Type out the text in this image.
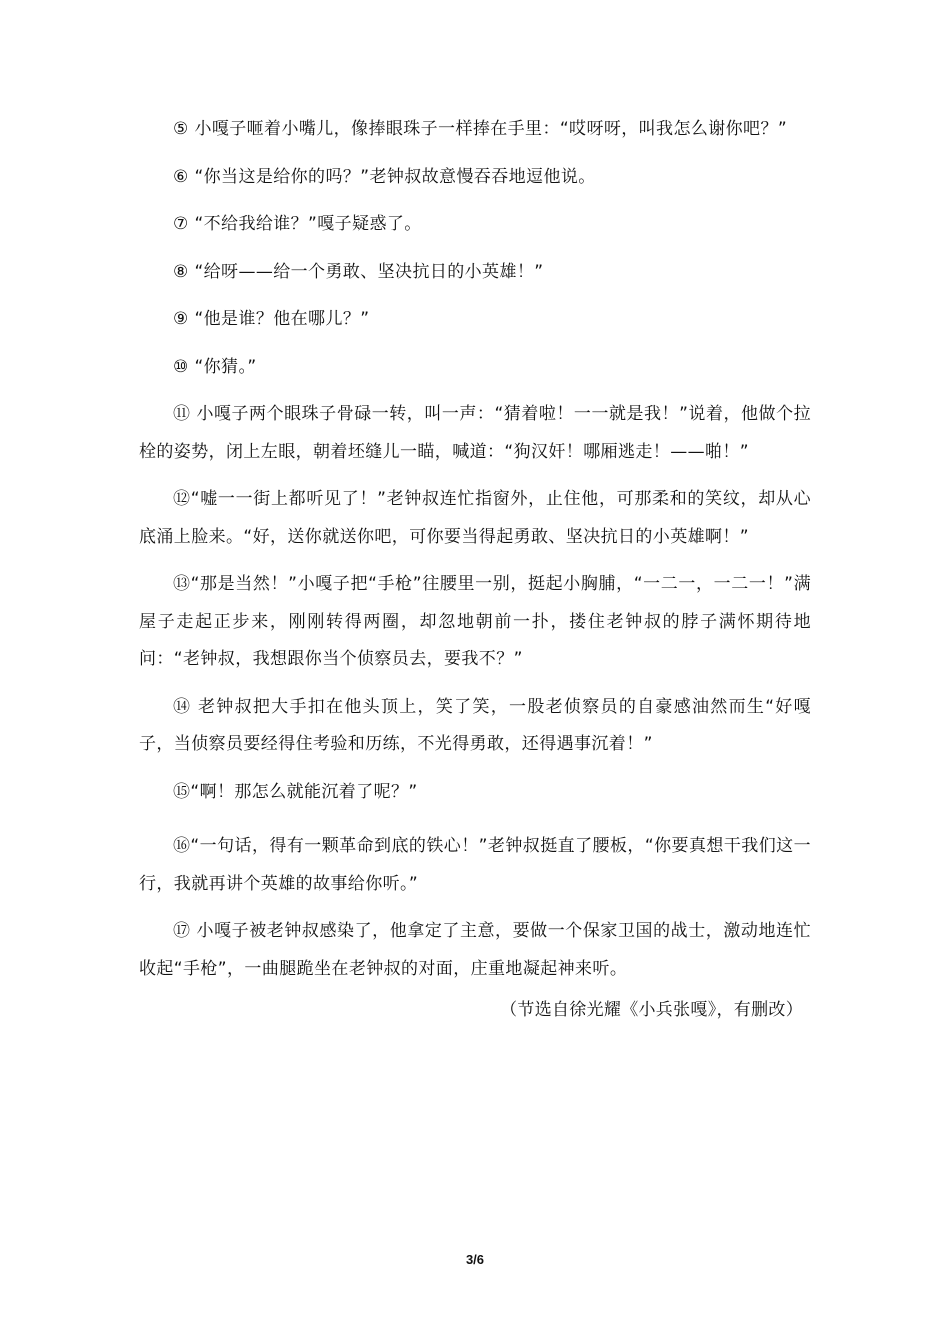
⑤ 小嘎子咂着小嘴儿，像捧眼珠子一样捧在手里：“哎呀呀，叫我怎么谢你吧？”

⑥ “你当这是给你的吗？”老钟叔故意慢吞吞地逗他说。

⑦ “不给我给谁？”嘎子疑惑了。

⑧ “给呀——给一个勇敢、坚决抗日的小英雄！”

⑨ “他是谁？他在哪儿？”

⑩ “你猜。”

⑪ 小嘎子两个眼珠子骨碌一转，叫一声：“猜着啦！一一就是我！”说着，他做个拉栓的姿势，闭上左眼，朝着坯缝儿一瞄，喊道：“狗汉奸！哪厢逃走！——啪！”

⑫“嘘一一街上都听见了！”老钟叔连忙指窗外，止住他，可那柔和的笑纹，却从心底涌上脸来。“好，送你就送你吧，可你要当得起勇敢、坚决抗日的小英雄啊！”

⑬“那是当然！”小嘎子把“手枪”往腰里一别，挺起小胸脯，“一二一，一二一！”满屋子走起正步来，刚刚转得两圈，却忽地朝前一扑，搂住老钟叔的脖子满怀期待地问：“老钟叔，我想跟你当个侦察员去，要我不？”

⑭ 老钟叔把大手扣在他头顶上，笑了笑，一股老侦察员的自豪感油然而生“好嘎子，当侦察员要经得住考验和历练，不光得勇敢，还得遇事沉着！”

⑮“啊！那怎么就能沉着了呢？”

⑯“一句话，得有一颗革命到底的铁心！”老钟叔挺直了腰板，“你要真想干我们这一行，我就再讲个英雄的故事给你听。”

⑰ 小嘎子被老钟叔感染了，他拿定了主意，要做一个保家卫国的战士，激动地连忙收起“手枪”，一曲腿跪坐在老钟叔的对面，庄重地凝起神来听。

（节选自徐光耀《小兵张嘎》，有删改）
3/6
